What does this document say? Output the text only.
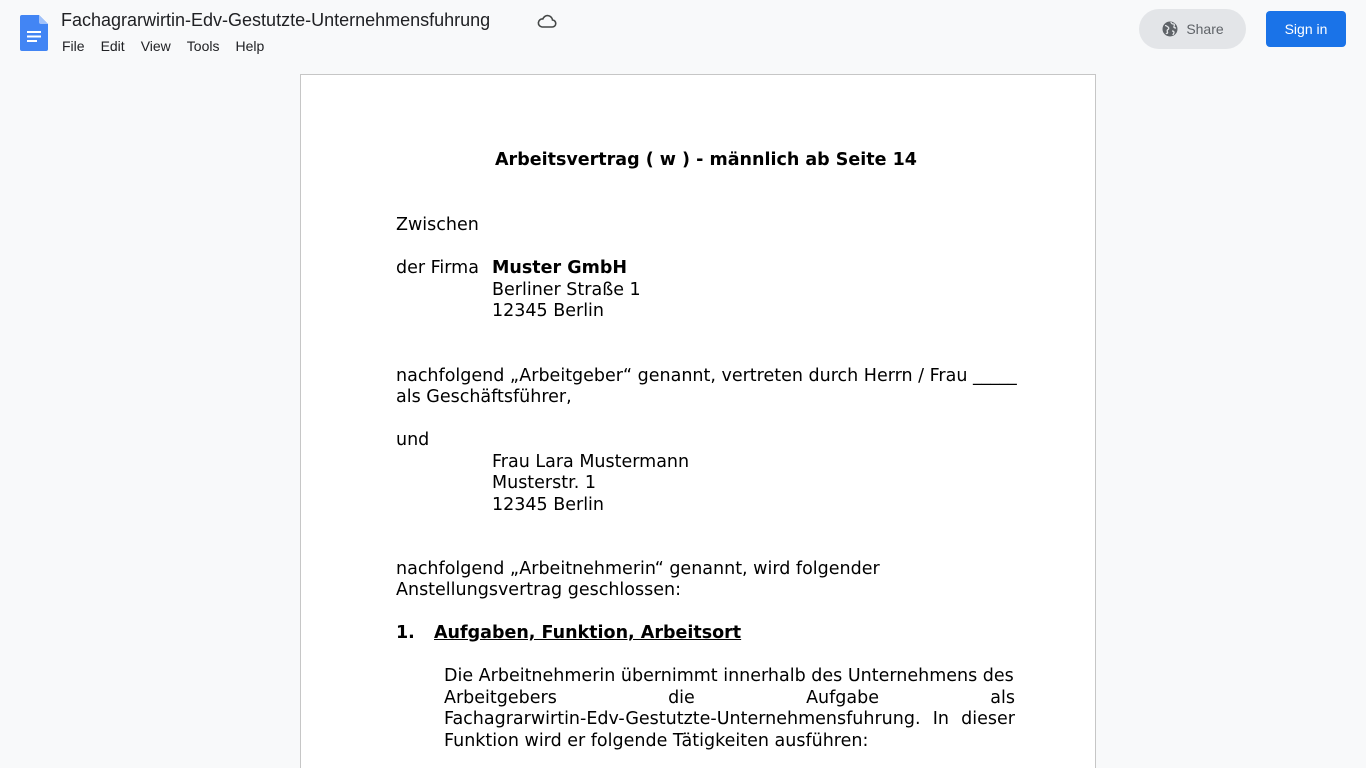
Fachagrarwirtin-Edv-Gestutzte-Unternehmensfuhrung
File	Edit	View	Tools	Help
Share	Sign in
Arbeitsvertrag ( w ) - männlich ab Seite 14
Zwischen
der Firma Muster GmbH
Berliner Straße 1
12345 Berlin
nachfolgend „Arbeitgeber“ genannt, vertreten durch Herrn / Frau _____
als Geschäftsführer,
und
Frau Lara Mustermann
Musterstr. 1
12345 Berlin
nachfolgend „Arbeitnehmerin“ genannt, wird folgender
Anstellungsvertrag geschlossen:
1. Aufgaben, Funktion, Arbeitsort
Die Arbeitnehmerin übernimmt innerhalb des Unternehmens des
Arbeitgebers	die	Aufgabe	als
Fachagrarwirtin-Edv-Gestutzte-Unternehmensfuhrung. In dieser
Funktion wird er folgende Tätigkeiten ausführen:
